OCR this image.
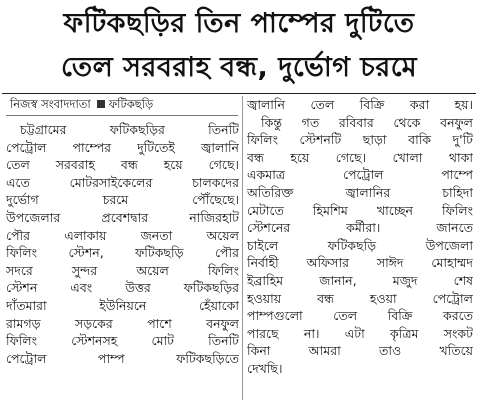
ফটিকছড়ির তিন পাম্পের দুটিতে
তেল সরবরাহ বন্ধ, দুর্ভোগ চরমে
নিজস্ব সংবাদদাতা ফটিকছড়ি
চট্টগ্রামের ফটিকছড়ির তিনটি
পেট্রোল পাম্পের দুটিতেই জ্বালানি
তেল সরবরাহ বন্ধ হয়ে গেছে।
এতে মোটরসাইকেলের চালকদের
দুর্ভোগ চরমে পৌঁছেছে।
উপজেলার প্রবেশদ্বার নাজিরহাট
পৌর এলাকায় জনতা অয়েল
ফিলিং স্টেশন, ফটিকছড়ি পৌর
সদরে সুন্দর অয়েল ফিলিং
স্টেশন এবং উত্তর ফটিকছড়ির
দাঁতমারা ইউনিয়নে হেঁয়াকো
রামগড় সড়কের পাশে বনফুল
ফিলিং স্টেশনসহ মোট তিনটি
পেট্রোল পাম্প ফটিকছড়িতে
জ্বালানি তেল বিক্রি করা হয়।
কিন্তু গত রবিবার থেকে বনফুল
ফিলিং স্টেশনটি ছাড়া বাকি দু'টি
বন্ধ হয়ে গেছে। খোলা থাকা
একমাত্র পেট্রোল পাম্পে
অতিরিক্ত জ্বালানির চাহিদা
মেটাতে হিমশিম খাচ্ছেন ফিলিং
স্টেশনের কর্মীরা। জানতে
চাইলে ফটিকছড়ি উপজেলা
নির্বাহী অফিসার সাঈদ মোহাম্মদ
ইব্রাহিম জানান, মজুদ শেষ
হওয়ায় বন্ধ হওয়া পেট্রোল
পাম্পগুলো তেল বিক্রি করতে
পারছে না। এটা কৃত্রিম সংকট
কিনা আমরা তাও খতিয়ে
দেখছি।
